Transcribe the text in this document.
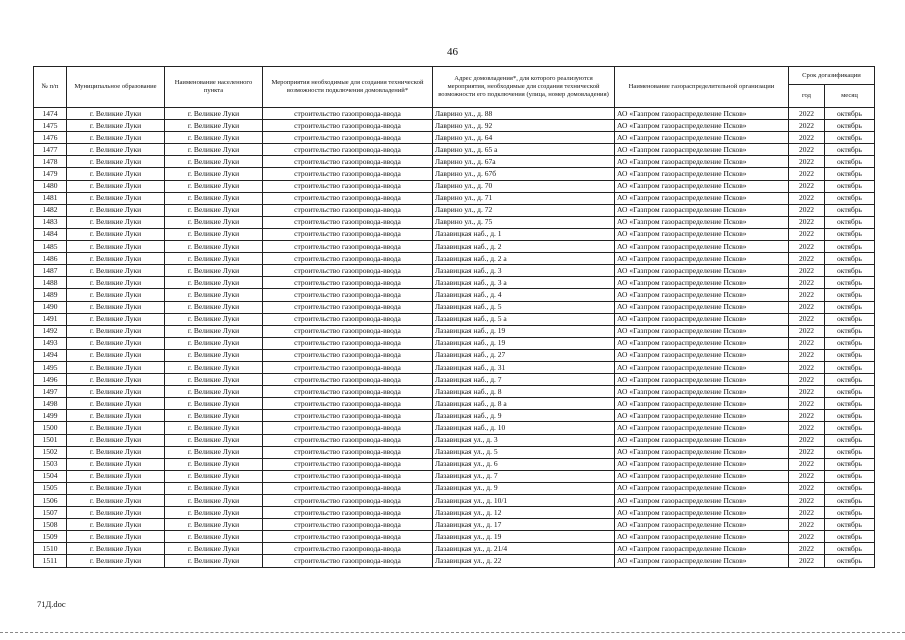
46
№ п/п	Муниципальное образование	Наименование населенного пункта	Мероприятия необходимые для создания технической возможности подключения домовладений*	Адрес домовладения*, для которого реализуются мероприятия, необходимые для создания технической возможности его подключения (улица, номер домовладения)	Наименование газораспределительной организации	Срок догазификации	
						год	месяц
1474	г. Великие Луки	г. Великие Луки	строительство газопровода-ввода	Лаврино ул., д. 88	АО «Газпром газораспределение Псков»	2022	октябрь
1475	г. Великие Луки	г. Великие Луки	строительство газопровода-ввода	Лаврино ул., д. 92	АО «Газпром газораспределение Псков»	2022	октябрь
1476	г. Великие Луки	г. Великие Луки	строительство газопровода-ввода	Лаврино ул., д. 64	АО «Газпром газораспределение Псков»	2022	октябрь
1477	г. Великие Луки	г. Великие Луки	строительство газопровода-ввода	Лаврино ул., д. 65 а	АО «Газпром газораспределение Псков»	2022	октябрь
1478	г. Великие Луки	г. Великие Луки	строительство газопровода-ввода	Лаврино ул., д. 67а	АО «Газпром газораспределение Псков»	2022	октябрь
1479	г. Великие Луки	г. Великие Луки	строительство газопровода-ввода	Лаврино ул., д. 67б	АО «Газпром газораспределение Псков»	2022	октябрь
1480	г. Великие Луки	г. Великие Луки	строительство газопровода-ввода	Лаврино ул., д. 70	АО «Газпром газораспределение Псков»	2022	октябрь
1481	г. Великие Луки	г. Великие Луки	строительство газопровода-ввода	Лаврино ул., д. 71	АО «Газпром газораспределение Псков»	2022	октябрь
1482	г. Великие Луки	г. Великие Луки	строительство газопровода-ввода	Лаврино ул., д. 72	АО «Газпром газораспределение Псков»	2022	октябрь
1483	г. Великие Луки	г. Великие Луки	строительство газопровода-ввода	Лаврино ул., д. 75	АО «Газпром газораспределение Псков»	2022	октябрь
1484	г. Великие Луки	г. Великие Луки	строительство газопровода-ввода	Лазавицкая наб., д. 1	АО «Газпром газораспределение Псков»	2022	октябрь
1485	г. Великие Луки	г. Великие Луки	строительство газопровода-ввода	Лазавицкая наб., д. 2	АО «Газпром газораспределение Псков»	2022	октябрь
1486	г. Великие Луки	г. Великие Луки	строительство газопровода-ввода	Лазавицкая наб., д. 2 а	АО «Газпром газораспределение Псков»	2022	октябрь
1487	г. Великие Луки	г. Великие Луки	строительство газопровода-ввода	Лазавицкая наб., д. 3	АО «Газпром газораспределение Псков»	2022	октябрь
1488	г. Великие Луки	г. Великие Луки	строительство газопровода-ввода	Лазавицкая наб., д. 3 а	АО «Газпром газораспределение Псков»	2022	октябрь
1489	г. Великие Луки	г. Великие Луки	строительство газопровода-ввода	Лазавицкая наб., д. 4	АО «Газпром газораспределение Псков»	2022	октябрь
1490	г. Великие Луки	г. Великие Луки	строительство газопровода-ввода	Лазавицкая наб., д. 5	АО «Газпром газораспределение Псков»	2022	октябрь
1491	г. Великие Луки	г. Великие Луки	строительство газопровода-ввода	Лазавицкая наб., д. 5 а	АО «Газпром газораспределение Псков»	2022	октябрь
1492	г. Великие Луки	г. Великие Луки	строительство газопровода-ввода	Лазавицкая наб., д. 19	АО «Газпром газораспределение Псков»	2022	октябрь
1493	г. Великие Луки	г. Великие Луки	строительство газопровода-ввода	Лазавицкая наб., д. 19	АО «Газпром газораспределение Псков»	2022	октябрь
1494	г. Великие Луки	г. Великие Луки	строительство газопровода-ввода	Лазавицкая наб., д. 27	АО «Газпром газораспределение Псков»	2022	октябрь
1495	г. Великие Луки	г. Великие Луки	строительство газопровода-ввода	Лазавицкая наб., д. 31	АО «Газпром газораспределение Псков»	2022	октябрь
1496	г. Великие Луки	г. Великие Луки	строительство газопровода-ввода	Лазавицкая наб., д. 7	АО «Газпром газораспределение Псков»	2022	октябрь
1497	г. Великие Луки	г. Великие Луки	строительство газопровода-ввода	Лазавицкая наб., д. 8	АО «Газпром газораспределение Псков»	2022	октябрь
1498	г. Великие Луки	г. Великие Луки	строительство газопровода-ввода	Лазавицкая наб., д. 8 а	АО «Газпром газораспределение Псков»	2022	октябрь
1499	г. Великие Луки	г. Великие Луки	строительство газопровода-ввода	Лазавицкая наб., д. 9	АО «Газпром газораспределение Псков»	2022	октябрь
1500	г. Великие Луки	г. Великие Луки	строительство газопровода-ввода	Лазавицкая наб., д. 10	АО «Газпром газораспределение Псков»	2022	октябрь
1501	г. Великие Луки	г. Великие Луки	строительство газопровода-ввода	Лазавицкая ул., д. 3	АО «Газпром газораспределение Псков»	2022	октябрь
1502	г. Великие Луки	г. Великие Луки	строительство газопровода-ввода	Лазавицкая ул., д. 5	АО «Газпром газораспределение Псков»	2022	октябрь
1503	г. Великие Луки	г. Великие Луки	строительство газопровода-ввода	Лазавицкая ул., д. 6	АО «Газпром газораспределение Псков»	2022	октябрь
1504	г. Великие Луки	г. Великие Луки	строительство газопровода-ввода	Лазавицкая ул., д. 7	АО «Газпром газораспределение Псков»	2022	октябрь
1505	г. Великие Луки	г. Великие Луки	строительство газопровода-ввода	Лазавицкая ул., д. 9	АО «Газпром газораспределение Псков»	2022	октябрь
1506	г. Великие Луки	г. Великие Луки	строительство газопровода-ввода	Лазавицкая ул., д. 10/1	АО «Газпром газораспределение Псков»	2022	октябрь
1507	г. Великие Луки	г. Великие Луки	строительство газопровода-ввода	Лазавицкая ул., д. 12	АО «Газпром газораспределение Псков»	2022	октябрь
1508	г. Великие Луки	г. Великие Луки	строительство газопровода-ввода	Лазавицкая ул., д. 17	АО «Газпром газораспределение Псков»	2022	октябрь
1509	г. Великие Луки	г. Великие Луки	строительство газопровода-ввода	Лазавицкая ул., д. 19	АО «Газпром газораспределение Псков»	2022	октябрь
1510	г. Великие Луки	г. Великие Луки	строительство газопровода-ввода	Лазавицкая ул., д. 21/4	АО «Газпром газораспределение Псков»	2022	октябрь
1511	г. Великие Луки	г. Великие Луки	строительство газопровода-ввода	Лазавицкая ул., д. 22	АО «Газпром газораспределение Псков»	2022	октябрь
71Д.doc
